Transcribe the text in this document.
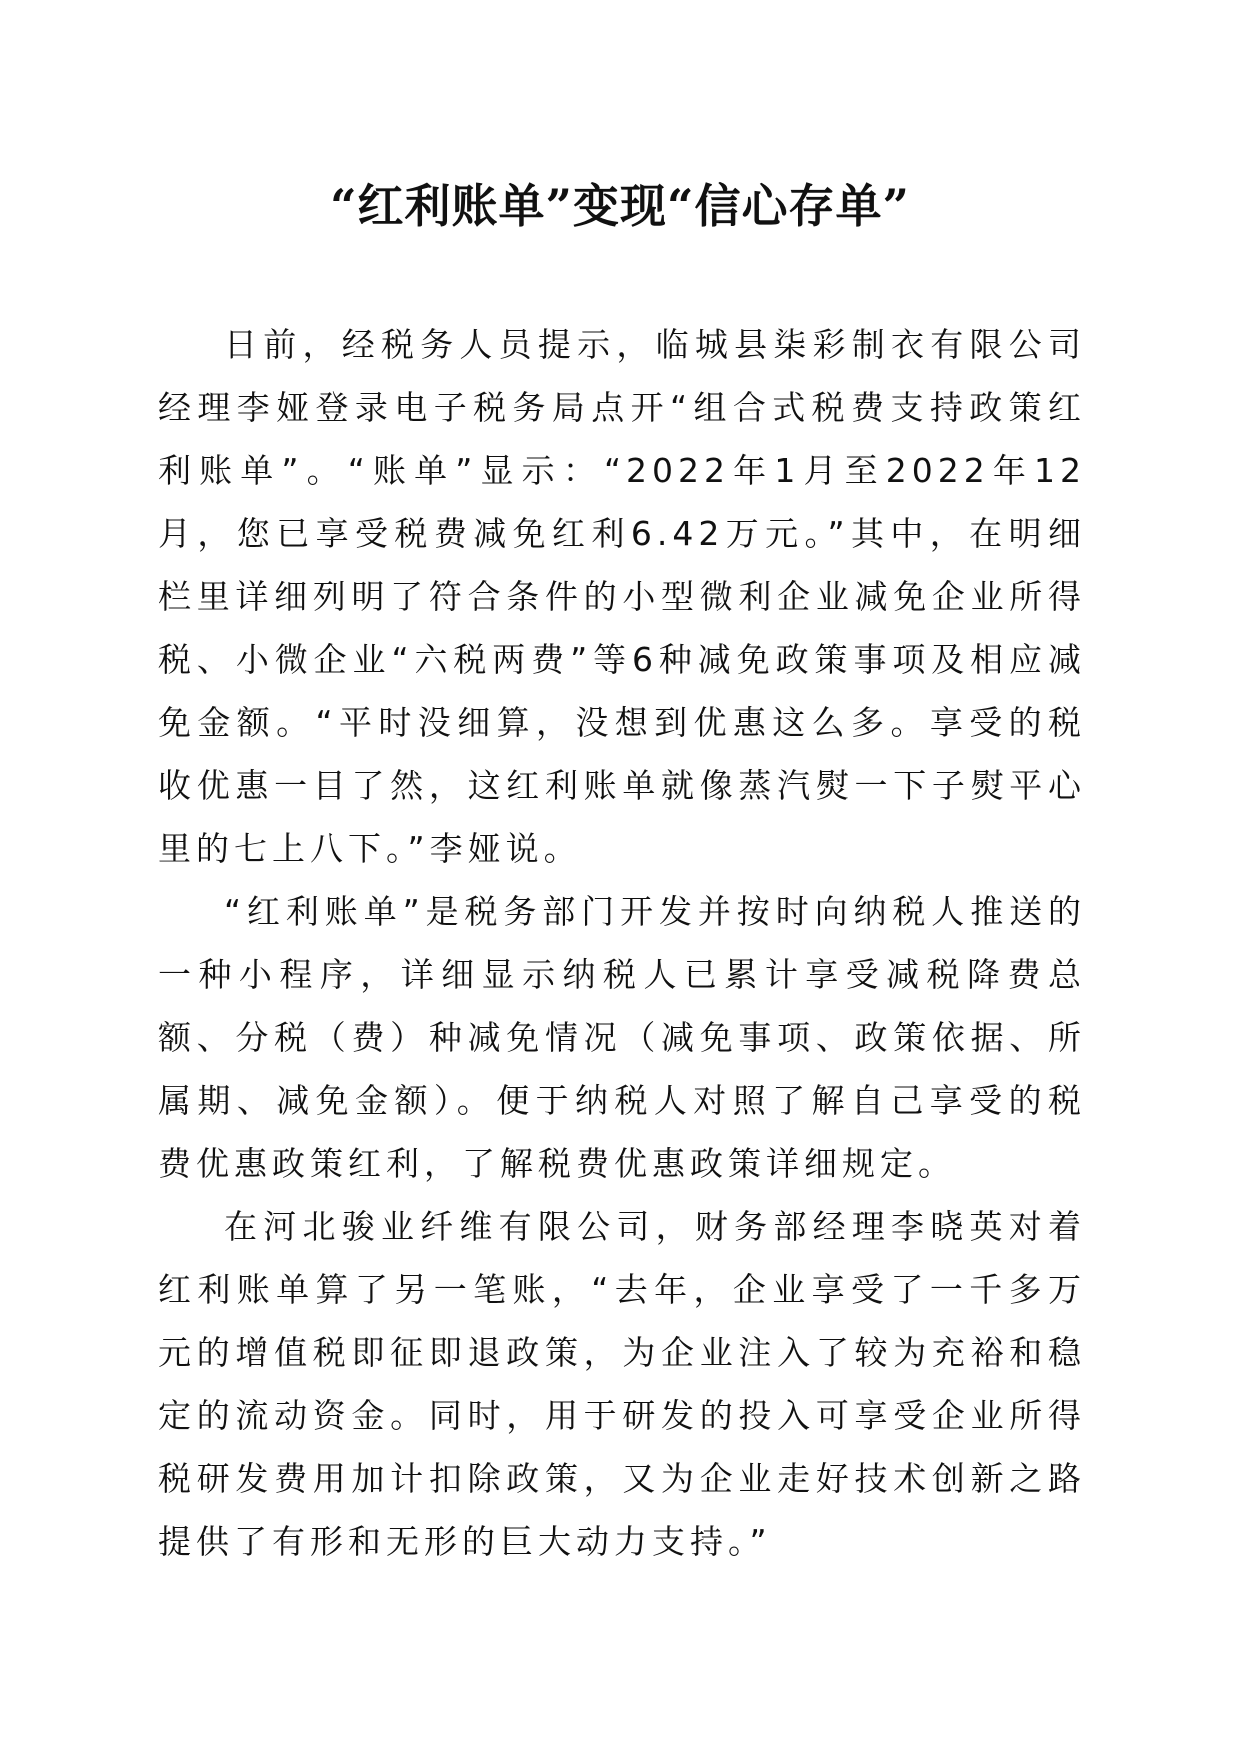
“红利账单”变现“信心存单”

日前，经税务人员提示，临城县柒彩制衣有限公司经理李娅登录电子税务局点开“组合式税费支持政策红利账单”。“账单”显示：“2022年1月至2022年12月，您已享受税费减免红利6.42万元。”其中，在明细栏里详细列明了符合条件的小型微利企业减免企业所得税、小微企业“六税两费”等6种减免政策事项及相应减免金额。“平时没细算，没想到优惠这么多。享受的税收优惠一目了然，这红利账单就像蒸汽熨一下子熨平心里的七上八下。”李娅说。

“红利账单”是税务部门开发并按时向纳税人推送的一种小程序，详细显示纳税人已累计享受减税降费总额、分税（费）种减免情况（减免事项、政策依据、所属期、减免金额）。便于纳税人对照了解自己享受的税费优惠政策红利，了解税费优惠政策详细规定。

在河北骏业纤维有限公司，财务部经理李晓英对着红利账单算了另一笔账，“去年，企业享受了一千多万元的增值税即征即退政策，为企业注入了较为充裕和稳定的流动资金。同时，用于研发的投入可享受企业所得税研发费用加计扣除政策，又为企业走好技术创新之路提供了有形和无形的巨大动力支持。”
